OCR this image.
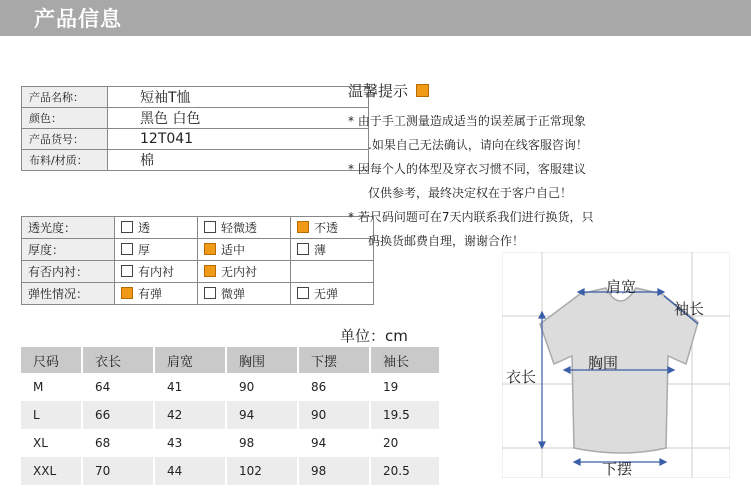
产品信息
产品名称：	短袖T恤
颜色：	黑色 白色
产品货号：	12T041
布料/材质：	棉
透光度：	透	轻微透	不透
厚度：	厚	适中	薄
有否内衬：	有内衬	无内衬	
弹性情况：	有弹	微弹	无弹
单位：cm
尺码	衣长	肩宽	胸围	下摆	袖长
M	64	41	90	86	19
L	66	42	94	90	19.5
XL	68	43	98	94	20
XXL	70	44	102	98	20.5
温馨提示
* 由于手工测量造成适当的误差属于正常现象
.如果自己无法确认，请向在线客服咨询！
* 因每个人的体型及穿衣习惯不同，客服建议
仅供参考，最终决定权在于客户自己！
* 若尺码问题可在7天内联系我们进行换货，只
码换货邮费自理，谢谢合作！
肩宽
袖长
胸围
衣长
下摆
